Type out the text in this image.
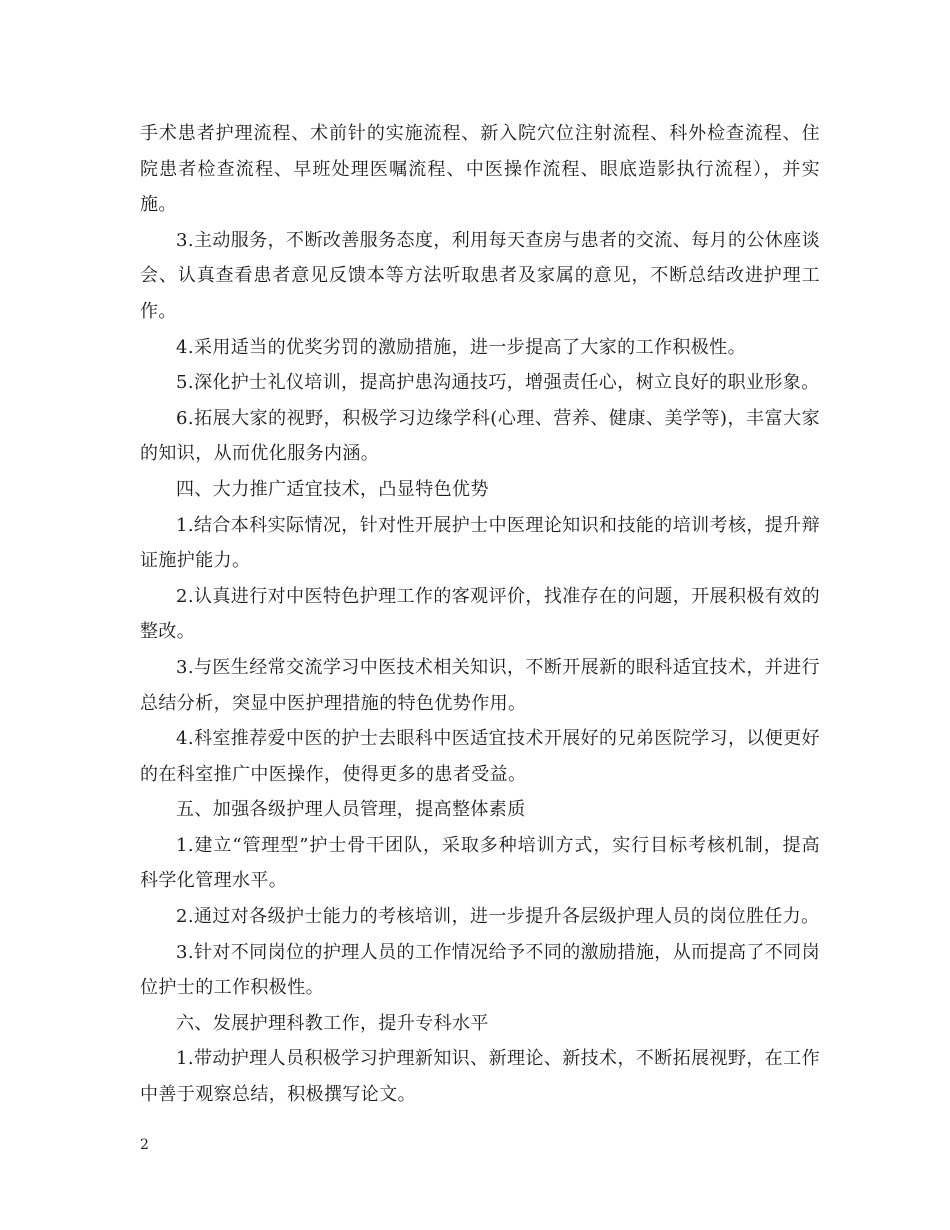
手术患者护理流程、术前针的实施流程、新入院穴位注射流程、科外检查流程、住院患者检查流程、早班处理医嘱流程、中医操作流程、眼底造影执行流程），并实施。

3.主动服务，不断改善服务态度，利用每天查房与患者的交流、每月的公休座谈会、认真查看患者意见反馈本等方法听取患者及家属的意见，不断总结改进护理工作。

4.采用适当的优奖劣罚的激励措施，进一步提高了大家的工作积极性。

5.深化护士礼仪培训，提高护患沟通技巧，增强责任心，树立良好的职业形象。

6.拓展大家的视野，积极学习边缘学科(心理、营养、健康、美学等)，丰富大家的知识，从而优化服务内涵。

四、大力推广适宜技术，凸显特色优势

1.结合本科实际情况，针对性开展护士中医理论知识和技能的培训考核，提升辩证施护能力。

2.认真进行对中医特色护理工作的客观评价，找准存在的问题，开展积极有效的整改。

3.与医生经常交流学习中医技术相关知识，不断开展新的眼科适宜技术，并进行总结分析，突显中医护理措施的特色优势作用。

4.科室推荐爱中医的护士去眼科中医适宜技术开展好的兄弟医院学习，以便更好的在科室推广中医操作，使得更多的患者受益。

五、加强各级护理人员管理，提高整体素质

1.建立“管理型”护士骨干团队，采取多种培训方式，实行目标考核机制，提高科学化管理水平。

2.通过对各级护士能力的考核培训，进一步提升各层级护理人员的岗位胜任力。

3.针对不同岗位的护理人员的工作情况给予不同的激励措施，从而提高了不同岗位护士的工作积极性。

六、发展护理科教工作，提升专科水平

1.带动护理人员积极学习护理新知识、新理论、新技术，不断拓展视野，在工作中善于观察总结，积极撰写论文。

2
